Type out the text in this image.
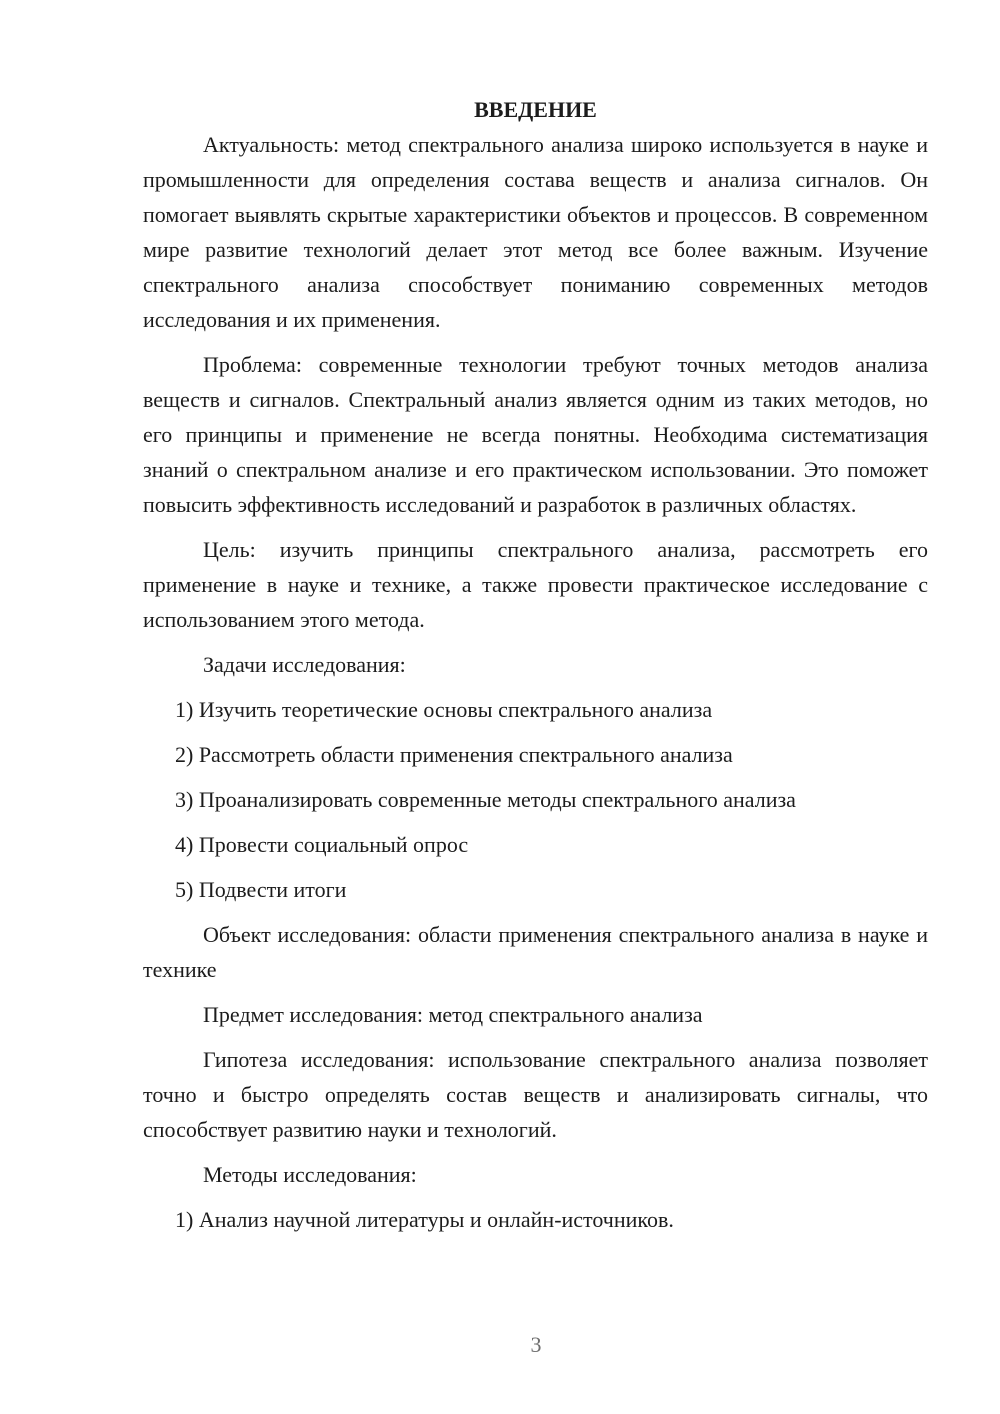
ВВЕДЕНИЕ

Актуальность: метод спектрального анализа широко используется в науке и промышленности для определения состава веществ и анализа сигналов. Он помогает выявлять скрытые характеристики объектов и процессов. В современном мире развитие технологий делает этот метод все более важным. Изучение спектрального анализа способствует пониманию современных методов исследования и их применения.

Проблема: современные технологии требуют точных методов анализа веществ и сигналов. Спектральный анализ является одним из таких методов, но его принципы и применение не всегда понятны. Необходима систематизация знаний о спектральном анализе и его практическом использовании. Это поможет повысить эффективность исследований и разработок в различных областях.

Цель: изучить принципы спектрального анализа, рассмотреть его применение в науке и технике, а также провести практическое исследование с использованием этого метода.

Задачи исследования:

1) Изучить теоретические основы спектрального анализа
2) Рассмотреть области применения спектрального анализа
3) Проанализировать современные методы спектрального анализа
4) Провести социальный опрос
5) Подвести итоги

Объект исследования: области применения спектрального анализа в науке и технике

Предмет исследования: метод спектрального анализа

Гипотеза исследования: использование спектрального анализа позволяет точно и быстро определять состав веществ и анализировать сигналы, что способствует развитию науки и технологий.

Методы исследования:

1) Анализ научной литературы и онлайн-источников.
3
